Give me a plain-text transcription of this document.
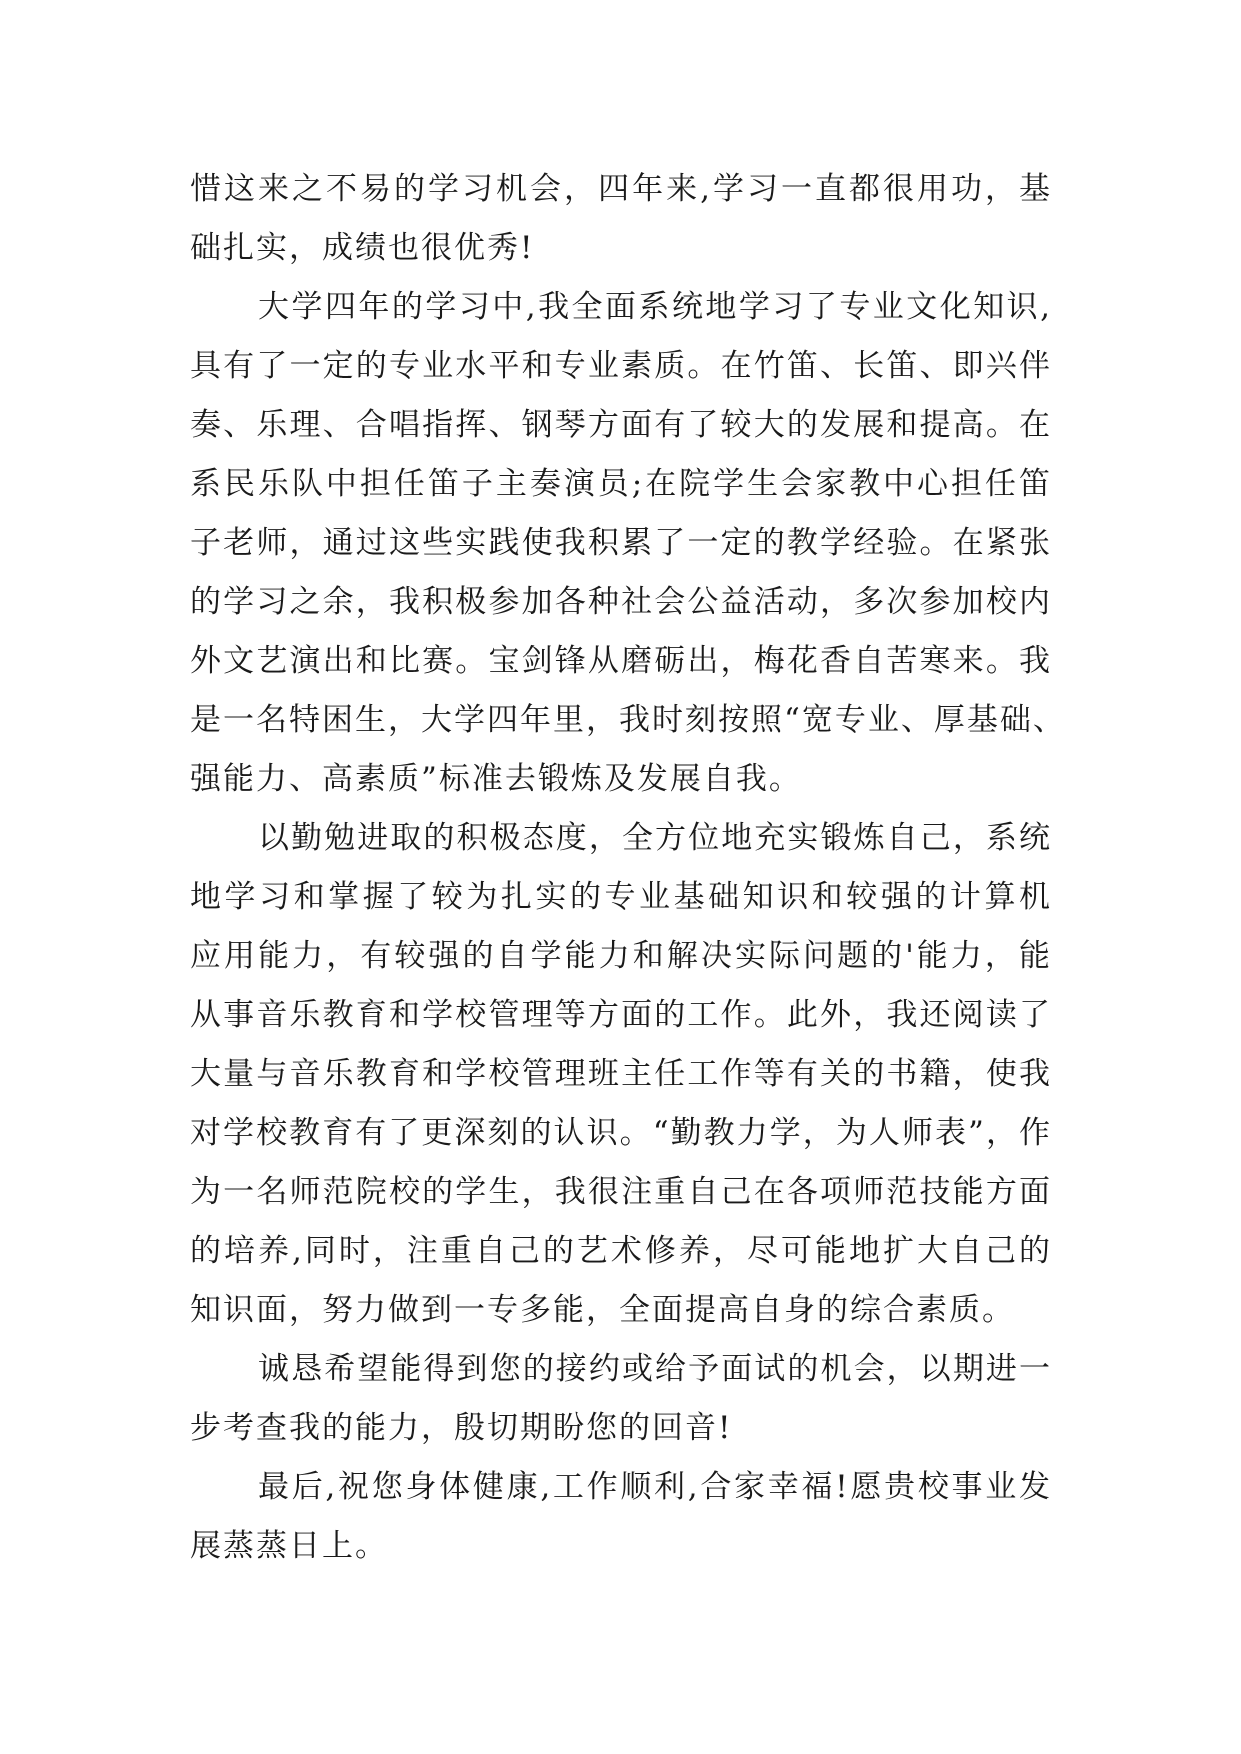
惜这来之不易的学习机会，四年来,学习一直都很用功，基
础扎实，成绩也很优秀!
大学四年的学习中,我全面系统地学习了专业文化知识,
具有了一定的专业水平和专业素质。在竹笛、长笛、即兴伴
奏、乐理、合唱指挥、钢琴方面有了较大的发展和提高。在
系民乐队中担任笛子主奏演员;在院学生会家教中心担任笛
子老师，通过这些实践使我积累了一定的教学经验。在紧张
的学习之余，我积极参加各种社会公益活动，多次参加校内
外文艺演出和比赛。宝剑锋从磨砺出，梅花香自苦寒来。我
是一名特困生，大学四年里，我时刻按照“宽专业、厚基础、
强能力、高素质”标准去锻炼及发展自我。
以勤勉进取的积极态度，全方位地充实锻炼自己，系统
地学习和掌握了较为扎实的专业基础知识和较强的计算机
应用能力，有较强的自学能力和解决实际问题的'能力，能
从事音乐教育和学校管理等方面的工作。此外，我还阅读了
大量与音乐教育和学校管理班主任工作等有关的书籍，使我
对学校教育有了更深刻的认识。“勤教力学，为人师表”，作
为一名师范院校的学生，我很注重自己在各项师范技能方面
的培养,同时，注重自己的艺术修养，尽可能地扩大自己的
知识面，努力做到一专多能，全面提高自身的综合素质。
诚恳希望能得到您的接约或给予面试的机会，以期进一
步考查我的能力，殷切期盼您的回音!
最后,祝您身体健康,工作顺利,合家幸福!愿贵校事业发
展蒸蒸日上。
